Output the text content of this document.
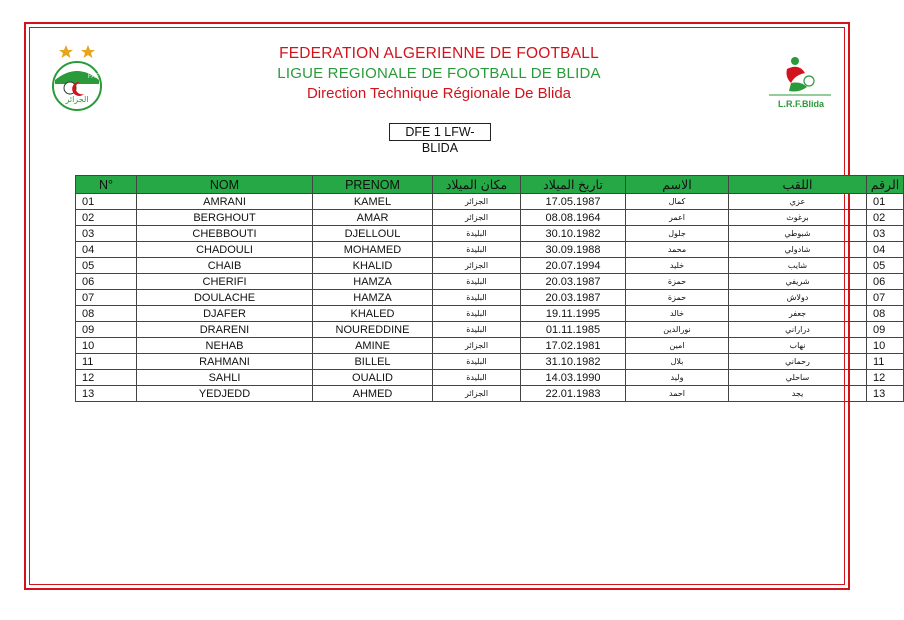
FAF
الجزائر	L.R.F.Blida
FEDERATION ALGERIENNE DE FOOTBALL
LIGUE REGIONALE DE FOOTBALL DE BLIDA
Direction Technique Régionale De Blida
DFE 1 LFW- BLIDA
N°	NOM	PRENOM	مكان الميلاد	تاريخ الميلاد	الاسم	اللقب	الرقم
01	AMRANI	KAMEL	الجزائر	17.05.1987	كمال	عزي	01
02	BERGHOUT	AMAR	الجزائر	08.08.1964	اعمر	برغوث	02
03	CHEBBOUTI	DJELLOUL	البليدة	30.10.1982	جلول	شبوطي	03
04	CHADOULI	MOHAMED	البليدة	30.09.1988	محمد	شادولي	04
05	CHAIB	KHALID	الجزائر	20.07.1994	خليد	شايب	05
06	CHERIFI	HAMZA	البليدة	20.03.1987	حمزة	شريفي	06
07	DOULACHE	HAMZA	البليدة	20.03.1987	حمزة	دولاش	07
08	DJAFER	KHALED	البليدة	19.11.1995	خالد	جعفر	08
09	DRARENI	NOUREDDINE	البليدة	01.11.1985	نورالدين	دراراني	09
10	NEHAB	AMINE	الجزائر	17.02.1981	امين	نهاب	10
11	RAHMANI	BILLEL	البليدة	31.10.1982	بلال	رحماني	11
12	SAHLI	OUALID	البليدة	14.03.1990	وليد	ساحلي	12
13	YEDJEDD	AHMED	الجزائر	22.01.1983	احمد	يجد	13
